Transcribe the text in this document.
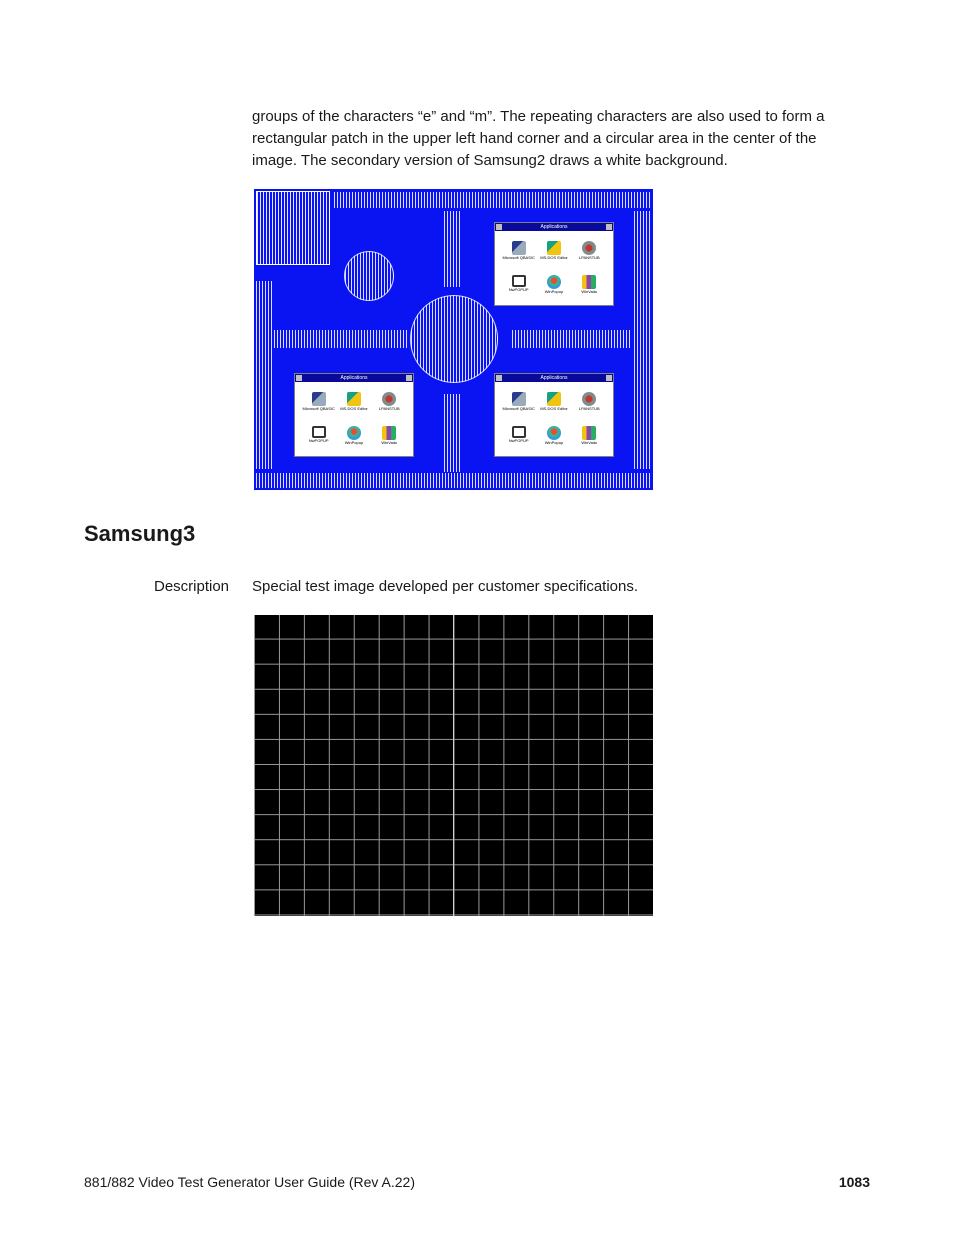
groups of the characters “e” and “m”. The repeating characters are also used to form a rectangular patch in the upper left hand corner and a circular area in the center of the image. The secondary version of Samsung2 draws a white background.

Applications
Microsoft QBASIC MS-DOS Editor	LPANSTUB
NwPOPUP	WinPopup	WinVadu
Applications
Microsoft QBASIC MS-DOS Editor	LPANSTUB
NwPOPUP	WinPopup	WinVadu
Applications
Microsoft QBASIC MS-DOS Editor	LPANSTUB
NwPOPUP	WinPopup	WinVadu
Samsung3
Description Special test image developed per customer specifications.
881/882 Video Test Generator User Guide (Rev A.22)	1083
